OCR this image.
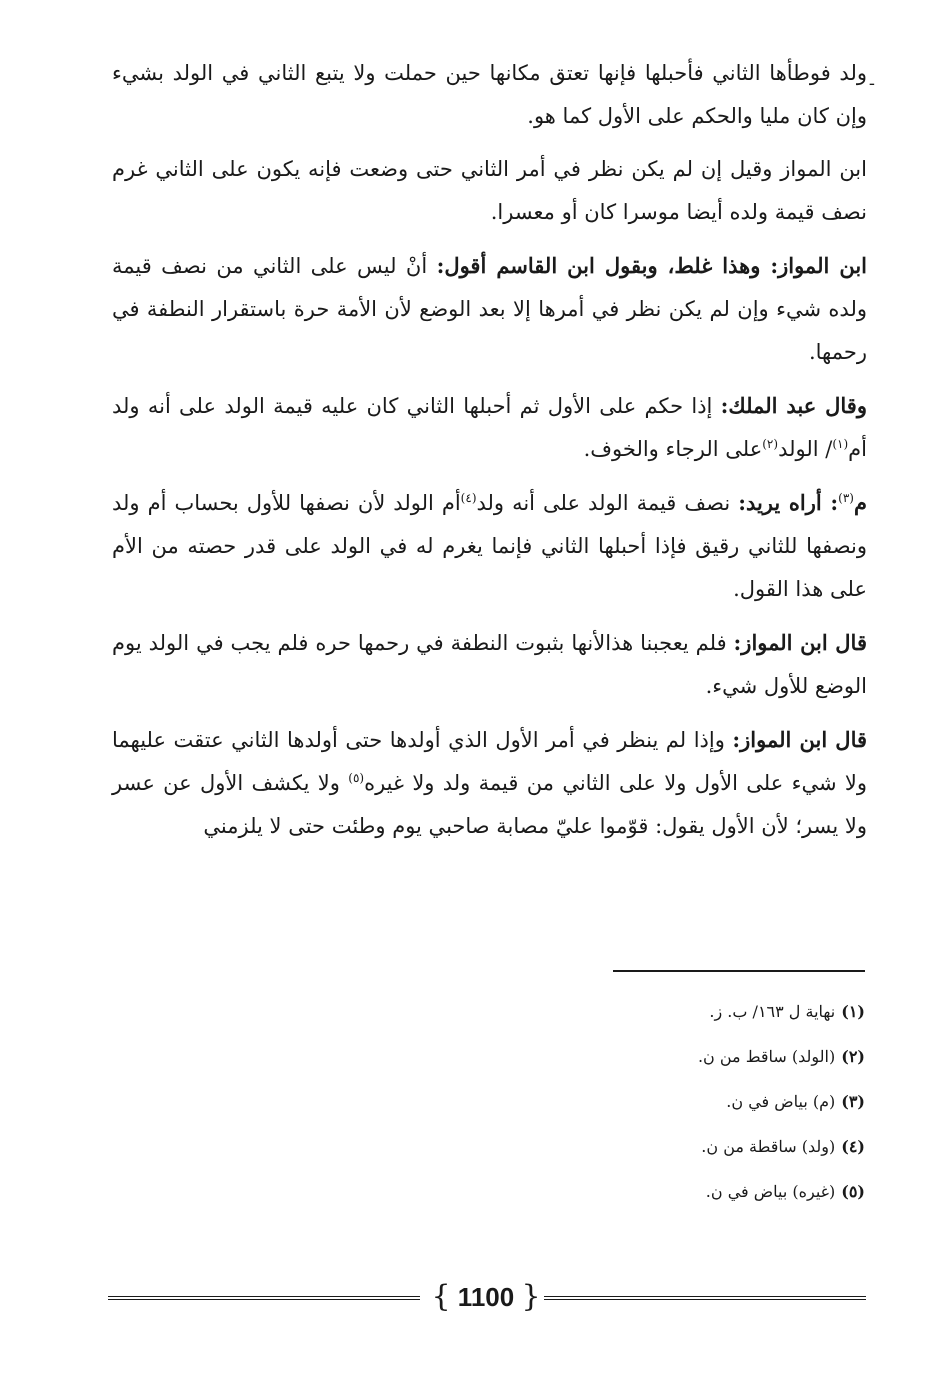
-
ولد فوطأها الثاني فأحبلها فإنها تعتق مكانها حين حملت ولا يتبع الثاني في الولد بشيء وإن كان مليا والحكم على الأول كما هو.

ابن المواز وقيل إن لم يكن نظر في أمر الثاني حتى وضعت فإنه يكون على الثاني غرم نصف قيمة ولده أيضا موسرا كان أو معسرا.

ابن المواز: وهذا غلط، وبقول ابن القاسم أقول: أنْ ليس على الثاني من نصف قيمة ولده شيء وإن لم يكن نظر في أمرها إلا بعد الوضع لأن الأمة حرة باستقرار النطفة في رحمها.

وقال عبد الملك: إذا حكم على الأول ثم أحبلها الثاني كان عليه قيمة الولد على أنه ولد أم$^{(١)}$/ الولد$^{(٢)}$على الرجاء والخوف.

م$^{(٣)}$: أراه يريد: نصف قيمة الولد على أنه ولد$^{(٤)}$أم الولد لأن نصفها للأول بحساب أم ولد ونصفها للثاني رقيق فإذا أحبلها الثاني فإنما يغرم له في الولد على قدر حصته من الأم على هذا القول.

قال ابن المواز: فلم يعجبنا هذالأنها بثبوت النطفة في رحمها حره فلم يجب في الولد يوم الوضع للأول شيء.

قال ابن المواز: وإذا لم ينظر في أمر الأول الذي أولدها حتى أولدها الثاني عتقت عليهما ولا شيء على الأول ولا على الثاني من قيمة ولد ولا غيره$^{(٥)}$ ولا يكشف الأول عن عسر ولا يسر؛ لأن الأول يقول: قوّموا عليّ مصابة صاحبي يوم وطئت حتى لا يلزمني

(١)نهاية ل ١٦٣/ ب. ز.
(٢)(الولد) ساقط من ن.
(٣)(م) بياض في ن.
(٤)(ولد) ساقطة من ن.
(٥)(غيره) بياض في ن.
{ 1100 }
